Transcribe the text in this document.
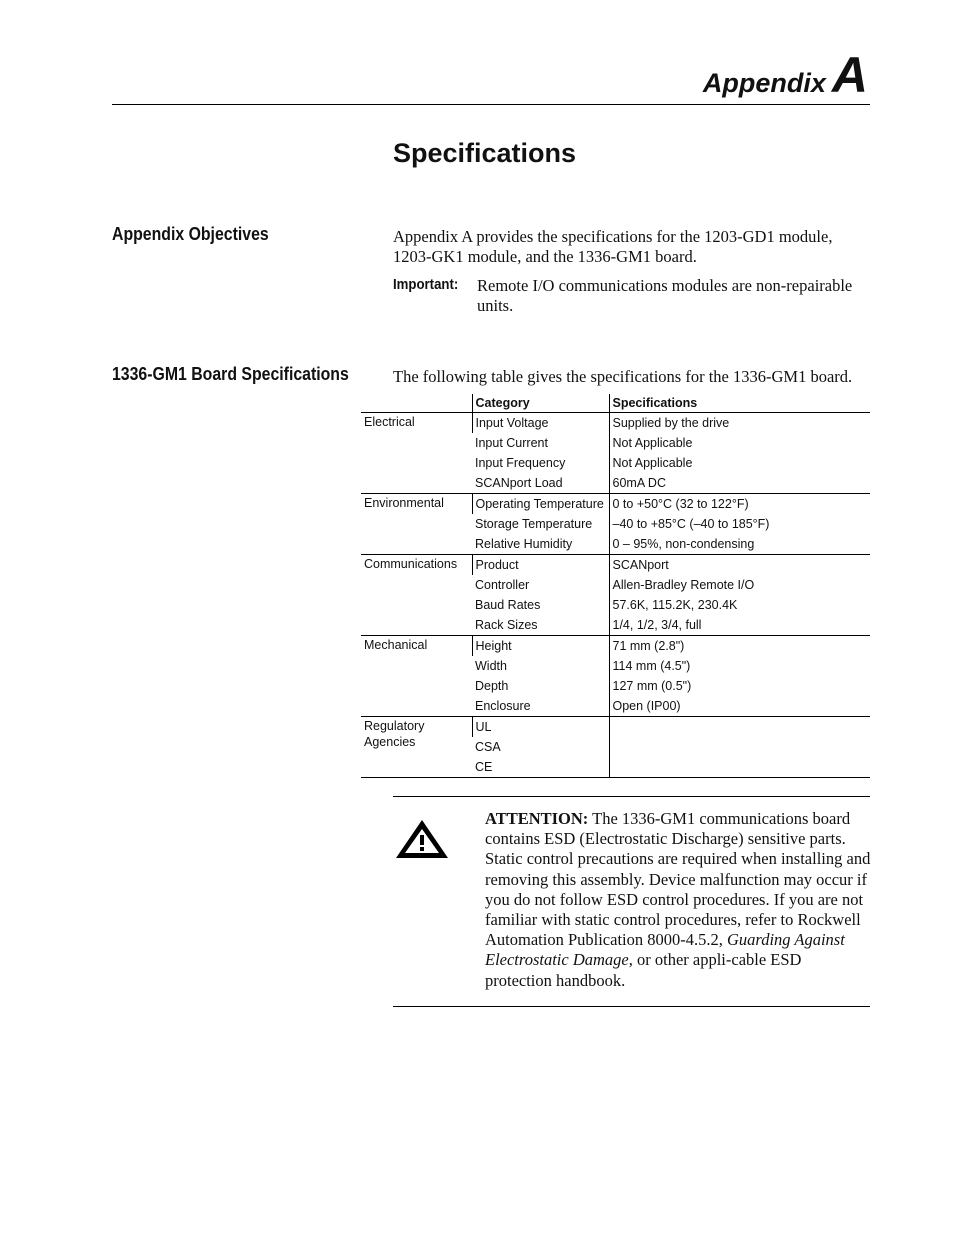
Appendix A
Specifications
Appendix Objectives	Appendix A provides the specifications for the 1203-GD1 module,
1203-GK1 module, and the 1336-GM1 board.
Important: Remote I/O communications modules are non-repairable
units.
1336-GM1 Board Specifications	The following table gives the specifications for the 1336-GM1 board.
	Category	Specifications
Electrical	Input Voltage	Supplied by the drive
	Input Current	Not Applicable
	Input Frequency	Not Applicable
	SCANport Load	60mA DC
Environmental	Operating Temperature	0 to +50°C (32 to 122°F)
	Storage Temperature	–40 to +85°C (–40 to 185°F)
	Relative Humidity	0 – 95%, non-condensing
Communications	Product	SCANport
	Controller	Allen-Bradley Remote I/O
	Baud Rates	57.6K, 115.2K, 230.4K
	Rack Sizes	1/4, 1/2, 3/4, full
Mechanical	Height	71 mm (2.8")
	Width	114 mm (4.5")
	Depth	127 mm (0.5")
	Enclosure	Open (IP00)
Regulatory Agencies	UL	
	CSA	
	CE	
ATTENTION: The 1336-GM1 communications board contains ESD (Electrostatic Discharge) sensitive parts. Static control precautions are required when installing and removing this assembly. Device malfunction may occur if you do not follow ESD control procedures. If you are not familiar with static control procedures, refer to Rockwell Automation Publication 8000-4.5.2, Guarding Against Electrostatic Damage, or other appli-cable ESD protection handbook.
